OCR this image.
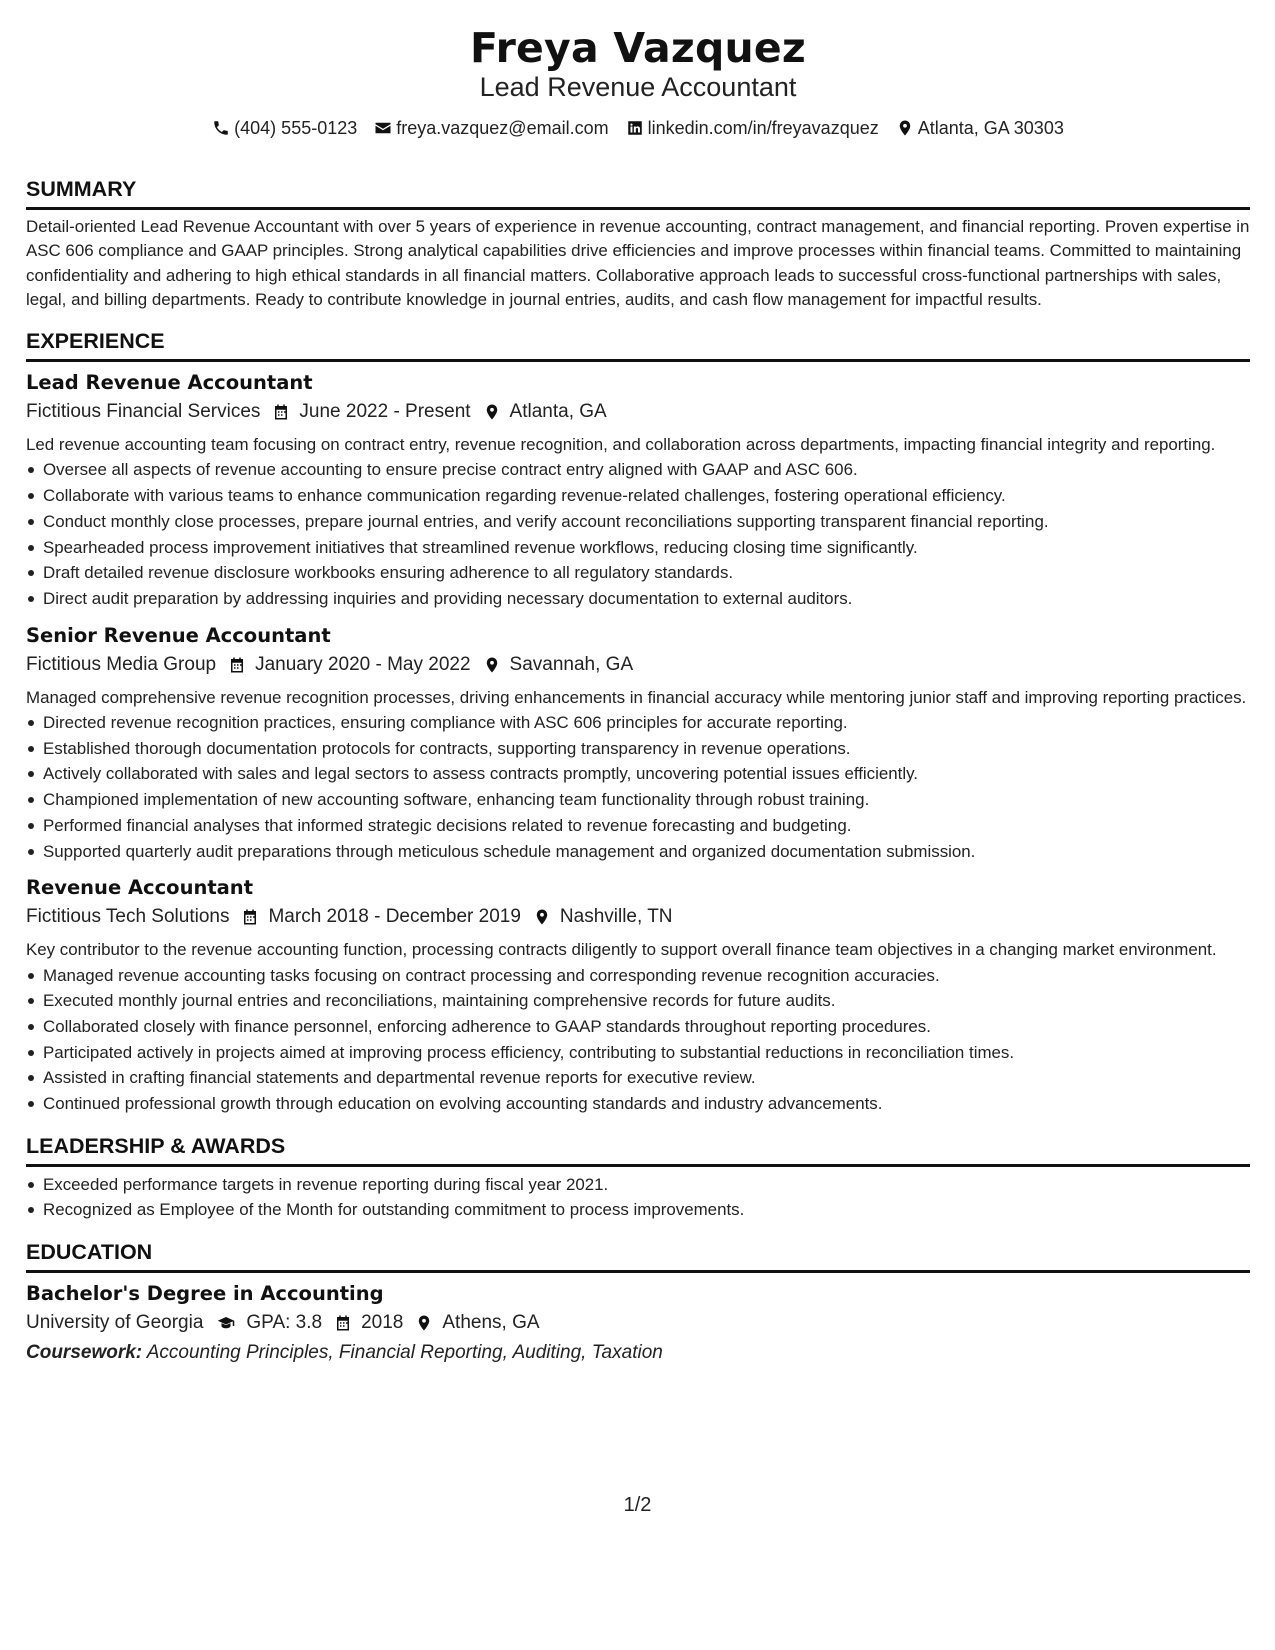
Freya Vazquez
Lead Revenue Accountant
(404) 555-0123 freya.vazquez@email.com linkedin.com/in/freyavazquez Atlanta, GA 30303
SUMMARY
Detail-oriented Lead Revenue Accountant with over 5 years of experience in revenue accounting, contract management, and financial reporting. Proven expertise in ASC 606 compliance and GAAP principles. Strong analytical capabilities drive efficiencies and improve processes within financial teams. Committed to maintaining confidentiality and adhering to high ethical standards in all financial matters. Collaborative approach leads to successful cross-functional partnerships with sales, legal, and billing departments. Ready to contribute knowledge in journal entries, audits, and cash flow management for impactful results.
EXPERIENCE
Lead Revenue Accountant
Fictitious Financial Services June 2022 - Present Atlanta, GA
Led revenue accounting team focusing on contract entry, revenue recognition, and collaboration across departments, impacting financial integrity and reporting.
Oversee all aspects of revenue accounting to ensure precise contract entry aligned with GAAP and ASC 606.
Collaborate with various teams to enhance communication regarding revenue-related challenges, fostering operational efficiency.
Conduct monthly close processes, prepare journal entries, and verify account reconciliations supporting transparent financial reporting.
Spearheaded process improvement initiatives that streamlined revenue workflows, reducing closing time significantly.
Draft detailed revenue disclosure workbooks ensuring adherence to all regulatory standards.
Direct audit preparation by addressing inquiries and providing necessary documentation to external auditors.
Senior Revenue Accountant
Fictitious Media Group January 2020 - May 2022 Savannah, GA
Managed comprehensive revenue recognition processes, driving enhancements in financial accuracy while mentoring junior staff and improving reporting practices.
Directed revenue recognition practices, ensuring compliance with ASC 606 principles for accurate reporting.
Established thorough documentation protocols for contracts, supporting transparency in revenue operations.
Actively collaborated with sales and legal sectors to assess contracts promptly, uncovering potential issues efficiently.
Championed implementation of new accounting software, enhancing team functionality through robust training.
Performed financial analyses that informed strategic decisions related to revenue forecasting and budgeting.
Supported quarterly audit preparations through meticulous schedule management and organized documentation submission.
Revenue Accountant
Fictitious Tech Solutions March 2018 - December 2019 Nashville, TN
Key contributor to the revenue accounting function, processing contracts diligently to support overall finance team objectives in a changing market environment.
Managed revenue accounting tasks focusing on contract processing and corresponding revenue recognition accuracies.
Executed monthly journal entries and reconciliations, maintaining comprehensive records for future audits.
Collaborated closely with finance personnel, enforcing adherence to GAAP standards throughout reporting procedures.
Participated actively in projects aimed at improving process efficiency, contributing to substantial reductions in reconciliation times.
Assisted in crafting financial statements and departmental revenue reports for executive review.
Continued professional growth through education on evolving accounting standards and industry advancements.
LEADERSHIP & AWARDS
Exceeded performance targets in revenue reporting during fiscal year 2021.
Recognized as Employee of the Month for outstanding commitment to process improvements.
EDUCATION
Bachelor's Degree in Accounting
University of Georgia GPA: 3.8 2018 Athens, GA
Coursework: Accounting Principles, Financial Reporting, Auditing, Taxation
1/2
